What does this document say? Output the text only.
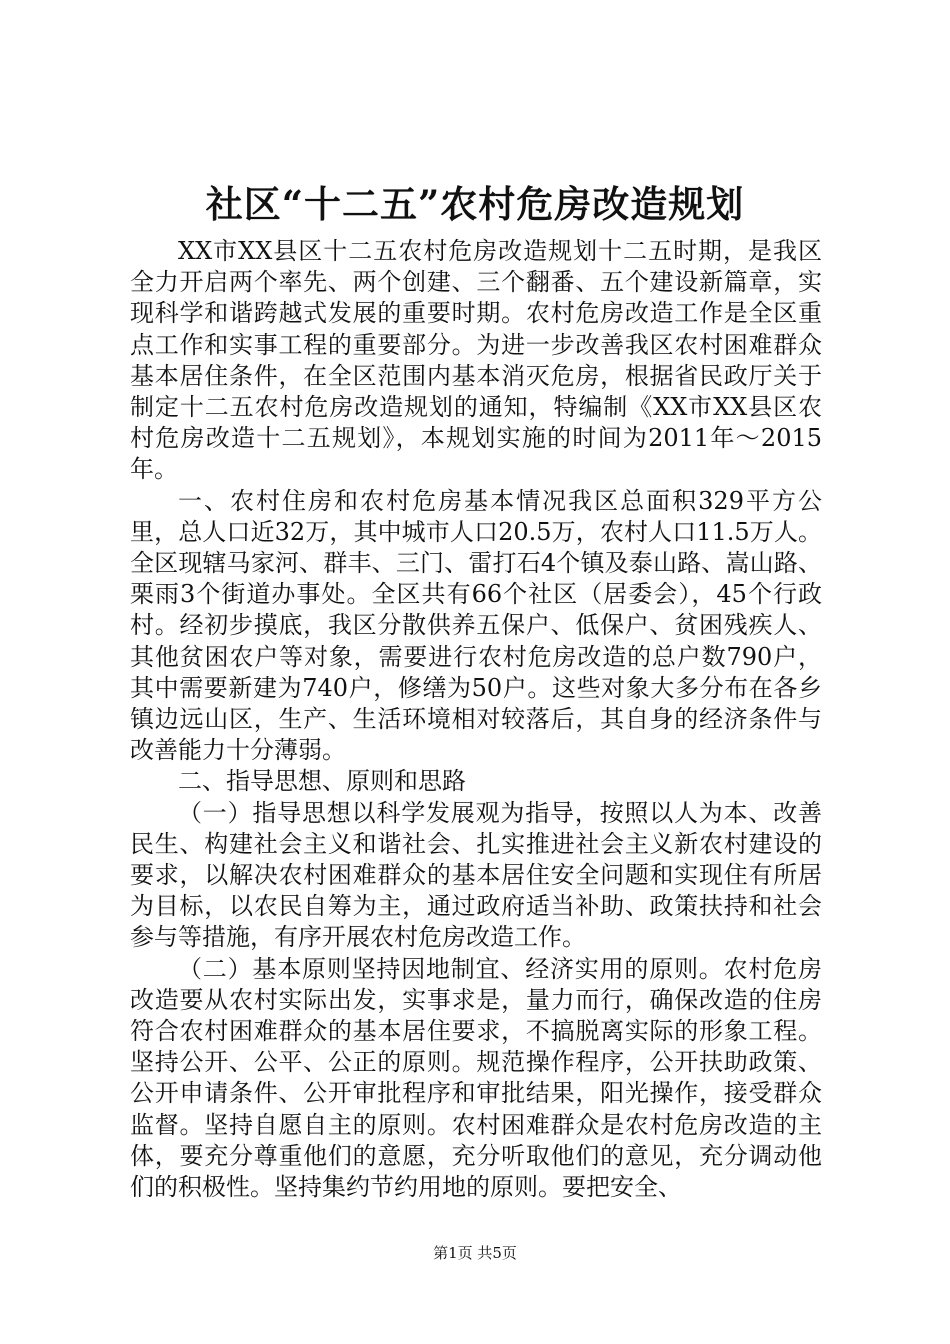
社区“十二五”农村危房改造规划

XX市XX县区十二五农村危房改造规划十二五时期，是我区全力开启两个率先、两个创建、三个翻番、五个建设新篇章，实现科学和谐跨越式发展的重要时期。农村危房改造工作是全区重点工作和实事工程的重要部分。为进一步改善我区农村困难群众基本居住条件，在全区范围内基本消灭危房，根据省民政厅关于制定十二五农村危房改造规划的通知，特编制《XX市XX县区农村危房改造十二五规划》，本规划实施的时间为2011年～2015年。

一、农村住房和农村危房基本情况我区总面积329平方公里，总人口近32万，其中城市人口20.5万，农村人口11.5万人。全区现辖马家河、群丰、三门、雷打石4个镇及泰山路、嵩山路、栗雨3个街道办事处。全区共有66个社区（居委会），45个行政村。经初步摸底，我区分散供养五保户、低保户、贫困残疾人、其他贫困农户等对象，需要进行农村危房改造的总户数790户，其中需要新建为740户，修缮为50户。这些对象大多分布在各乡镇边远山区，生产、生活环境相对较落后，其自身的经济条件与改善能力十分薄弱。

二、指导思想、原则和思路

（一）指导思想以科学发展观为指导，按照以人为本、改善民生、构建社会主义和谐社会、扎实推进社会主义新农村建设的要求，以解决农村困难群众的基本居住安全问题和实现住有所居为目标，以农民自筹为主，通过政府适当补助、政策扶持和社会参与等措施，有序开展农村危房改造工作。

（二）基本原则坚持因地制宜、经济实用的原则。农村危房改造要从农村实际出发，实事求是，量力而行，确保改造的住房符合农村困难群众的基本居住要求，不搞脱离实际的形象工程。坚持公开、公平、公正的原则。规范操作程序，公开扶助政策、公开申请条件、公开审批程序和审批结果，阳光操作，接受群众监督。坚持自愿自主的原则。农村困难群众是农村危房改造的主体，要充分尊重他们的意愿，充分听取他们的意见，充分调动他们的积极性。坚持集约节约用地的原则。要把安全、

第1页 共5页
